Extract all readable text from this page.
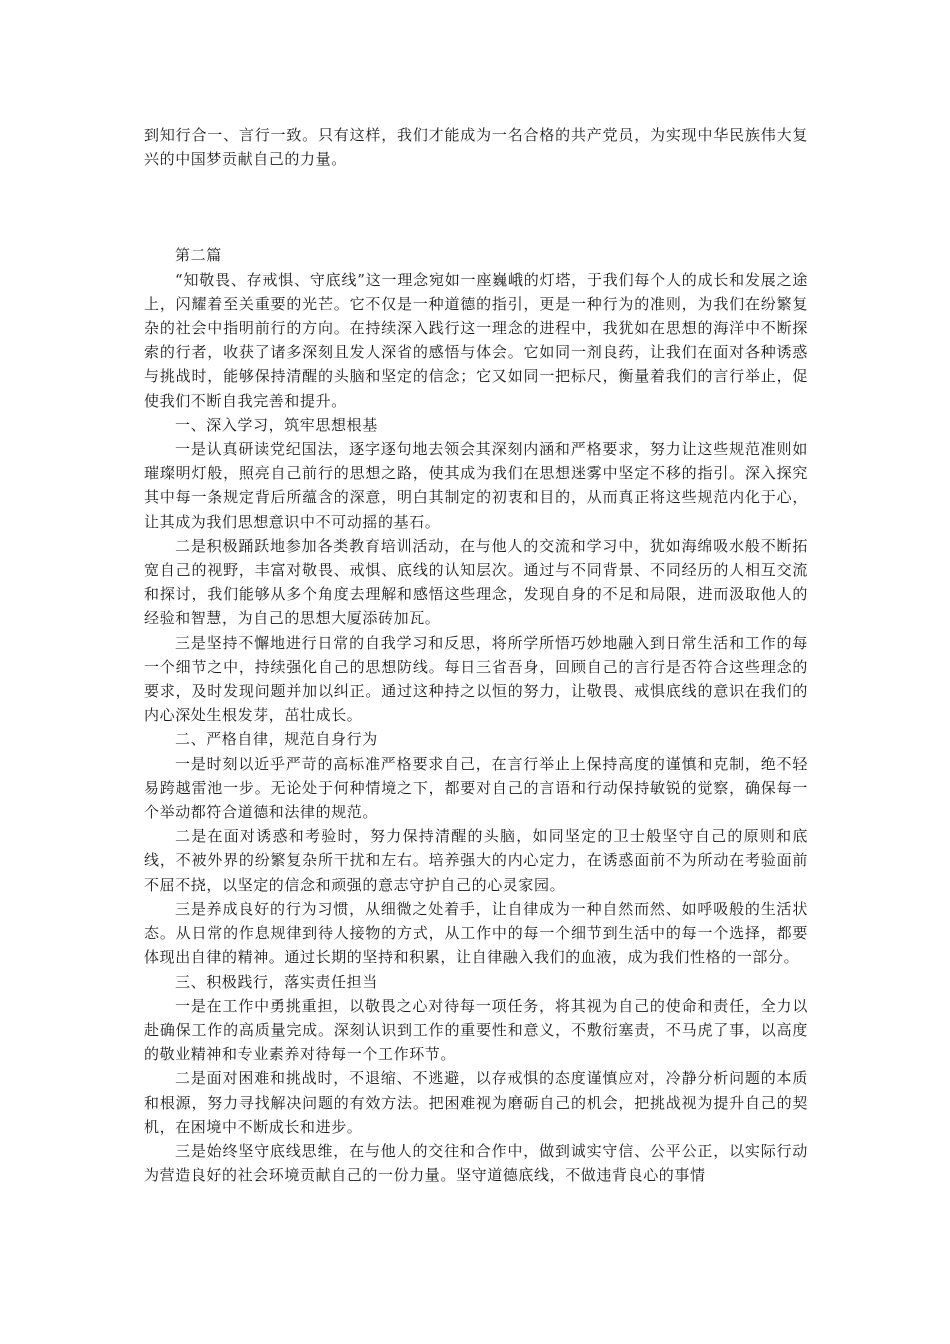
到知行合一、言行一致。只有这样，我们才能成为一名合格的共产党员，为实现中华民族伟大复兴的中国梦贡献自己的力量。

第二篇

“知敬畏、存戒惧、守底线”这一理念宛如一座巍峨的灯塔，于我们每个人的成长和发展之途上，闪耀着至关重要的光芒。它不仅是一种道德的指引，更是一种行为的准则，为我们在纷繁复杂的社会中指明前行的方向。在持续深入践行这一理念的进程中，我犹如在思想的海洋中不断探索的行者，收获了诸多深刻且发人深省的感悟与体会。它如同一剂良药，让我们在面对各种诱惑与挑战时，能够保持清醒的头脑和坚定的信念；它又如同一把标尺，衡量着我们的言行举止，促使我们不断自我完善和提升。

一、深入学习，筑牢思想根基

一是认真研读党纪国法，逐字逐句地去领会其深刻内涵和严格要求，努力让这些规范准则如璀璨明灯般，照亮自己前行的思想之路，使其成为我们在思想迷雾中坚定不移的指引。深入探究其中每一条规定背后所蕴含的深意，明白其制定的初衷和目的，从而真正将这些规范内化于心，让其成为我们思想意识中不可动摇的基石。

二是积极踊跃地参加各类教育培训活动，在与他人的交流和学习中，犹如海绵吸水般不断拓宽自己的视野，丰富对敬畏、戒惧、底线的认知层次。通过与不同背景、不同经历的人相互交流和探讨，我们能够从多个角度去理解和感悟这些理念，发现自身的不足和局限，进而汲取他人的经验和智慧，为自己的思想大厦添砖加瓦。

三是坚持不懈地进行日常的自我学习和反思，将所学所悟巧妙地融入到日常生活和工作的每一个细节之中，持续强化自己的思想防线。每日三省吾身，回顾自己的言行是否符合这些理念的要求，及时发现问题并加以纠正。通过这种持之以恒的努力，让敬畏、戒惧底线的意识在我们的内心深处生根发芽，茁壮成长。

二、严格自律，规范自身行为

一是时刻以近乎严苛的高标准严格要求自己，在言行举止上保持高度的谨慎和克制，绝不轻易跨越雷池一步。无论处于何种情境之下，都要对自己的言语和行动保持敏锐的觉察，确保每一个举动都符合道德和法律的规范。

二是在面对诱惑和考验时，努力保持清醒的头脑，如同坚定的卫士般坚守自己的原则和底线，不被外界的纷繁复杂所干扰和左右。培养强大的内心定力，在诱惑面前不为所动在考验面前不屈不挠，以坚定的信念和顽强的意志守护自己的心灵家园。

三是养成良好的行为习惯，从细微之处着手，让自律成为一种自然而然、如呼吸般的生活状态。从日常的作息规律到待人接物的方式，从工作中的每一个细节到生活中的每一个选择，都要体现出自律的精神。通过长期的坚持和积累，让自律融入我们的血液，成为我们性格的一部分。

三、积极践行，落实责任担当

一是在工作中勇挑重担，以敬畏之心对待每一项任务，将其视为自己的使命和责任，全力以赴确保工作的高质量完成。深刻认识到工作的重要性和意义，不敷衍塞责，不马虎了事，以高度的敬业精神和专业素养对待每一个工作环节。

二是面对困难和挑战时，不退缩、不逃避，以存戒惧的态度谨慎应对，冷静分析问题的本质和根源，努力寻找解决问题的有效方法。把困难视为磨砺自己的机会，把挑战视为提升自己的契机，在困境中不断成长和进步。

三是始终坚守底线思维，在与他人的交往和合作中，做到诚实守信、公平公正，以实际行动为营造良好的社会环境贡献自己的一份力量。坚守道德底线，不做违背良心的事情
